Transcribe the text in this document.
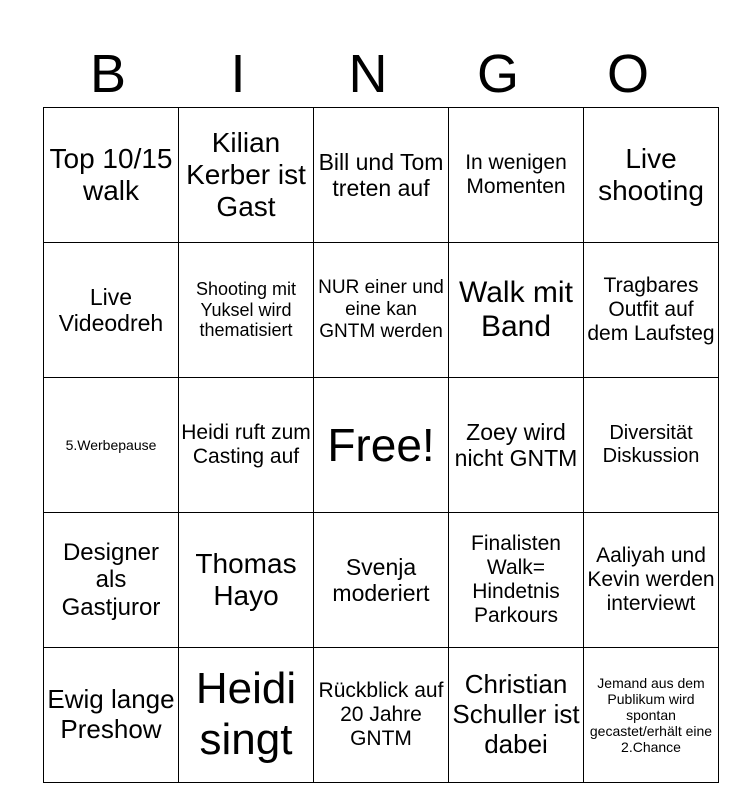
B	I	N	G	O
Top 10/15 walk	Kilian Kerber ist Gast	Bill und Tom treten auf	In wenigen Momenten	Live shooting
Live Videodreh	Shooting mit Yuksel wird thematisiert	NUR einer und eine kan GNTM werden	Walk mit Band	Tragbares Outfit auf dem Laufsteg
5.Werbepause	Heidi ruft zum Casting auf	Free!	Zoey wird nicht GNTM	Diversität Diskussion
Designer als Gastjuror	Thomas Hayo	Svenja moderiert	Finalisten Walk= Hindetnis Parkours	Aaliyah und Kevin werden interviewt
Ewig lange Preshow	Heidi singt	Rückblick auf 20 Jahre GNTM	Christian Schuller ist dabei	Jemand aus dem Publikum wird spontan gecastet/erhält eine 2.Chance
